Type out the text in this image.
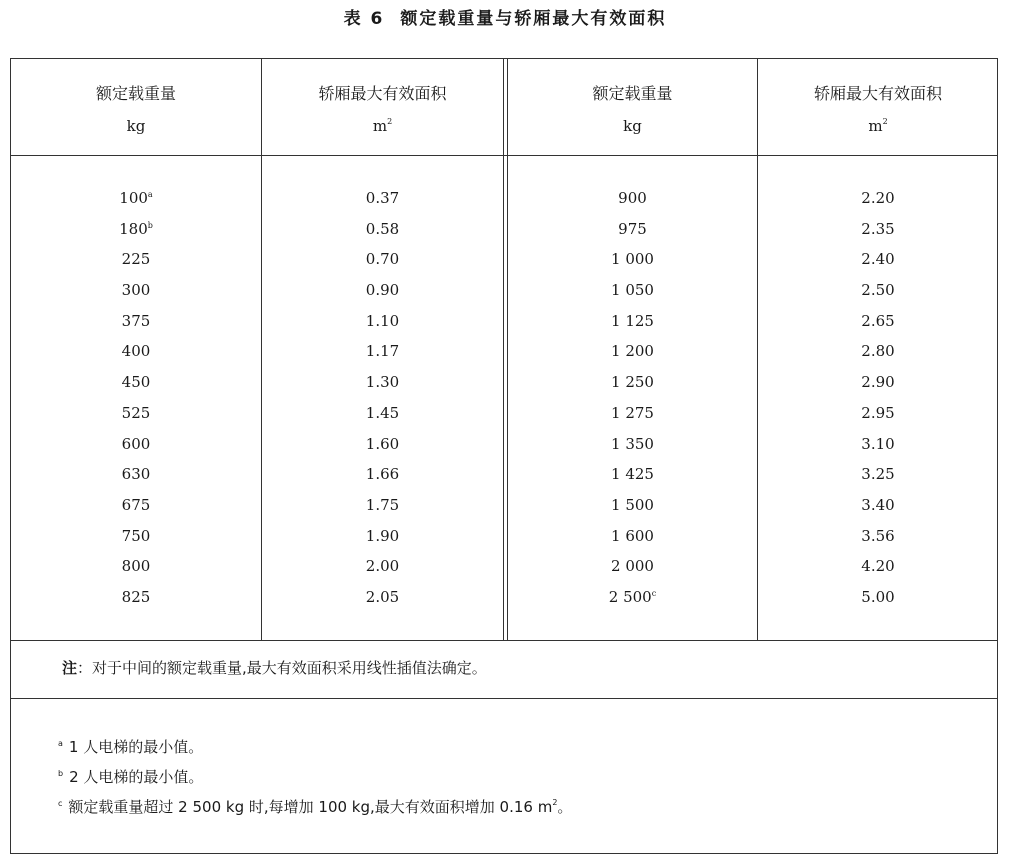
表 6 额定载重量与轿厢最大有效面积
额定载重量
kg
轿厢最大有效面积
$m^2$
额定载重量
kg
轿厢最大有效面积
$m^2$
100$^a$
180$^b$
225
300
375
400
450
525
600
630
675
750
800
825
0.37
0.58
0.70
0.90
1.10
1.17
1.30
1.45
1.60
1.66
1.75
1.90
2.00
2.05
900
975
1 000
1 050
1 125
1 200
1 250
1 275
1 350
1 425
1 500
1 600
2 000
2 500$^c$
2.20
2.35
2.40
2.50
2.65
2.80
2.90
2.95
3.10
3.25
3.40
3.56
4.20
5.00
注：对于中间的额定载重量,最大有效面积采用线性插值法确定。
$^a$ 1 人电梯的最小值。
$^b$ 2 人电梯的最小值。
$^c$ 额定载重量超过 2 500 kg 时,每增加 100 kg,最大有效面积增加 0.16 $m^2$。
